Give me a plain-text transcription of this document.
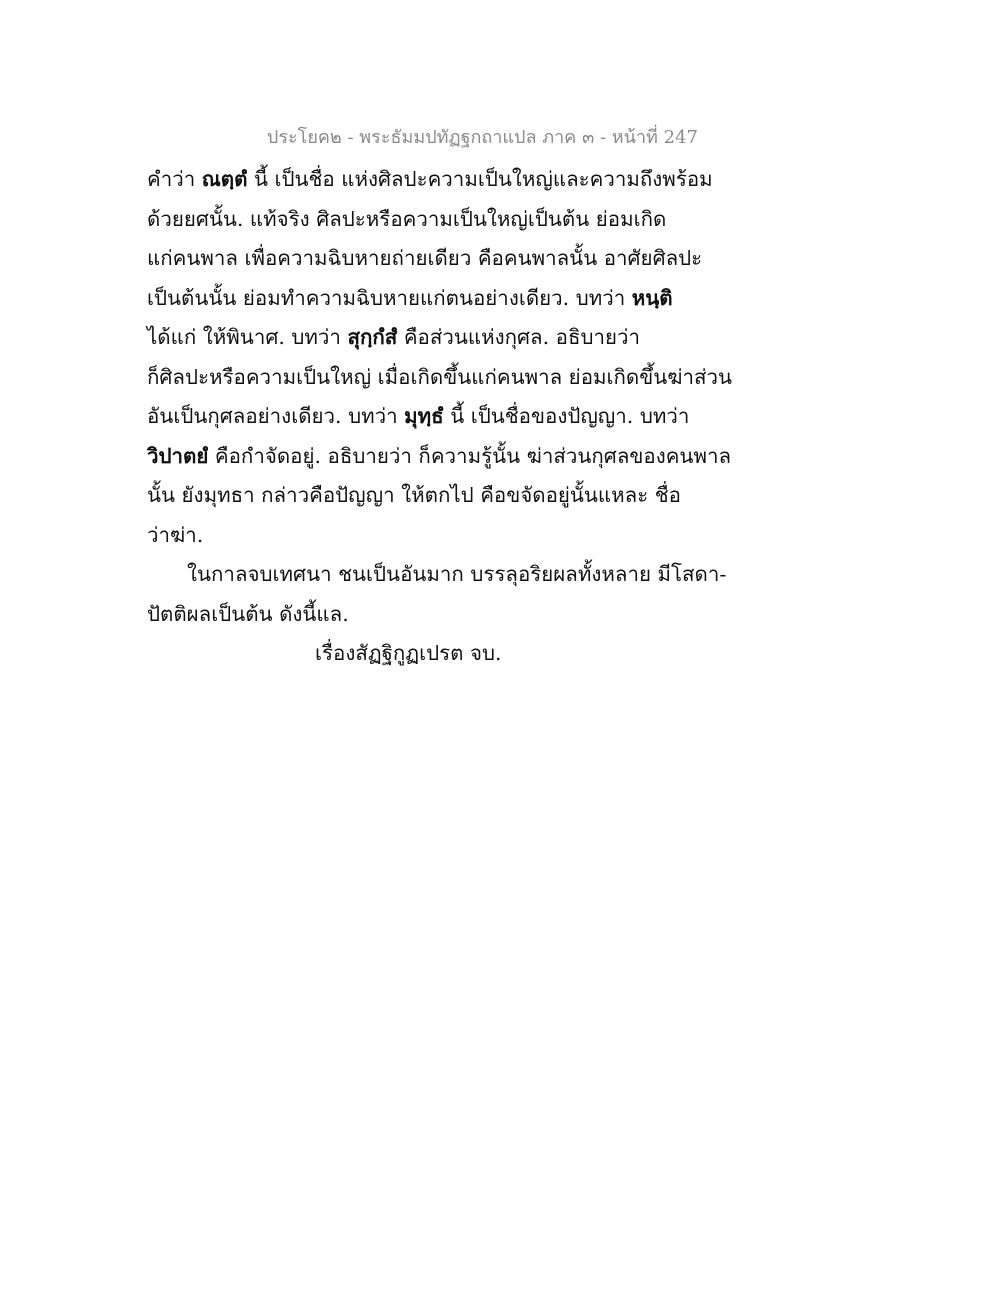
ประโยค๒ - พระธัมมปทัฏฐกถาแปล ภาค ๓ - หน้าที่ 247
คำว่า ณตฺตํ นี้ เป็นชื่อ แห่งศิลปะความเป็นใหญ่และความถึงพร้อม
ด้วยยศนั้น. แท้จริง ศิลปะหรือความเป็นใหญ่เป็นต้น ย่อมเกิด
แก่คนพาล เพื่อความฉิบหายถ่ายเดียว คือคนพาลนั้น อาศัยศิลปะ
เป็นต้นนั้น ย่อมทำความฉิบหายแก่ตนอย่างเดียว. บทว่า หนฺติ
ได้แก่ ให้พินาศ. บทว่า สุกฺกํสํ คือส่วนแห่งกุศล. อธิบายว่า
ก็ศิลปะหรือความเป็นใหญ่ เมื่อเกิดขึ้นแก่คนพาล ย่อมเกิดขึ้นฆ่าส่วน
อันเป็นกุศลอย่างเดียว. บทว่า มุทฺธํ นี้ เป็นชื่อของปัญญา. บทว่า
วิปาตยํ คือกำจัดอยู่. อธิบายว่า ก็ความรู้นั้น ฆ่าส่วนกุศลของคนพาล
นั้น ยังมุทธา กล่าวคือปัญญา ให้ตกไป คือขจัดอยู่นั้นแหละ ชื่อ
ว่าฆ่า.
ในกาลจบเทศนา ชนเป็นอันมาก บรรลุอริยผลทั้งหลาย มีโสดา-
ปัตติผลเป็นต้น ดังนี้แล.
เรื่องสัฏฐิกูฏเปรต จบ.
